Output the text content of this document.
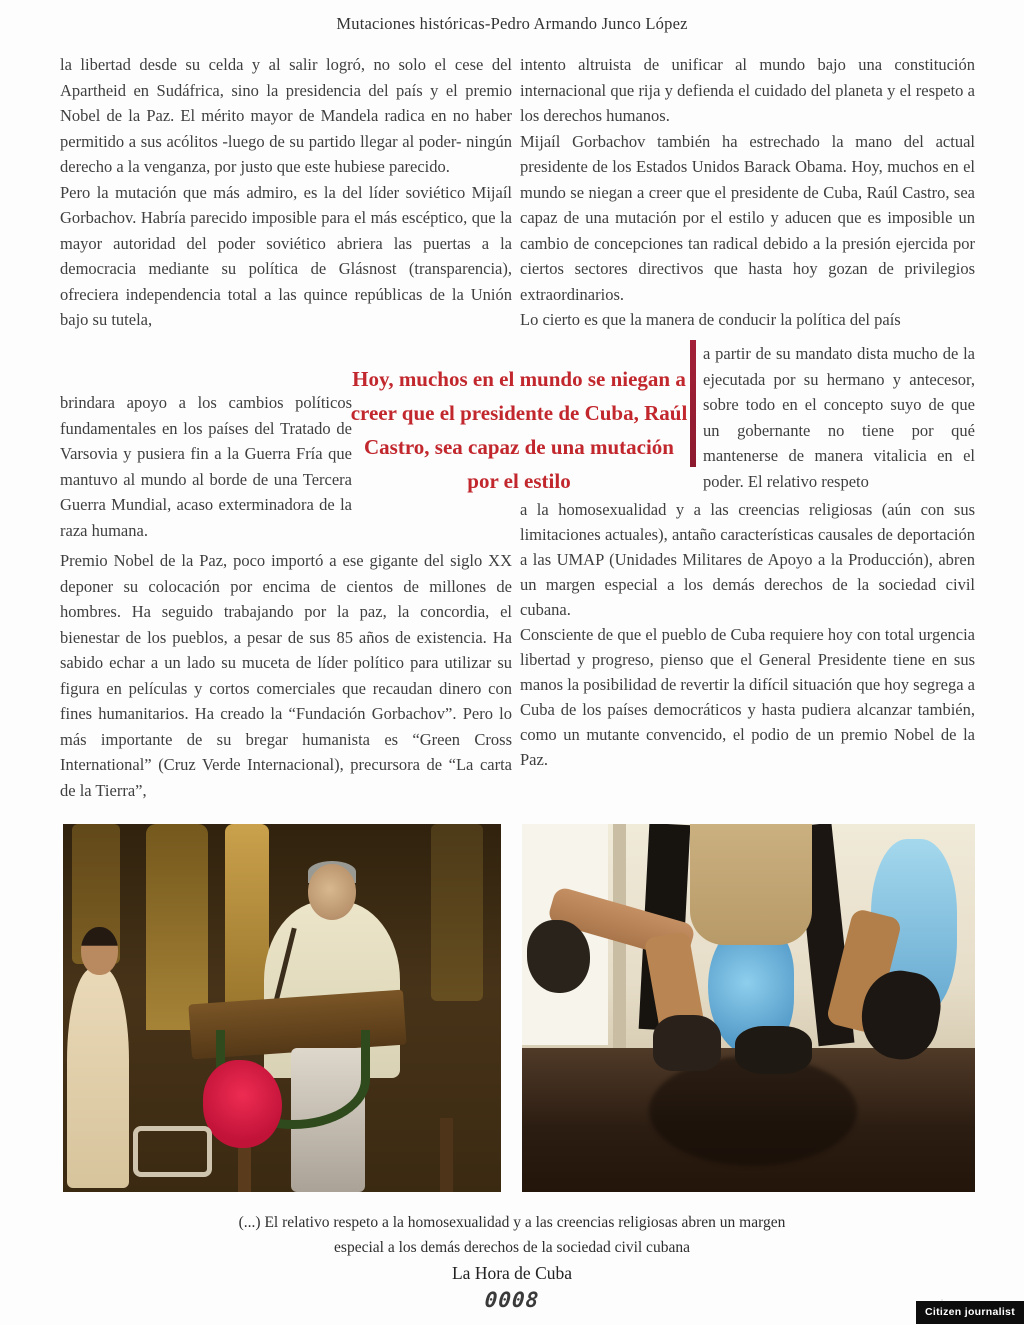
Mutaciones históricas-Pedro Armando Junco López

la libertad desde su celda y al salir logró, no solo el cese del Apartheid en Sudáfrica, sino la presidencia del país y el premio Nobel de la Paz. El mérito mayor de Mandela radica en no haber permitido a sus acólitos -luego de su partido llegar al poder- ningún derecho a la venganza, por justo que este hubiese parecido.

Pero la mutación que más admiro, es la del líder soviético Mijaíl Gorbachov. Habría parecido imposible para el más escéptico, que la mayor autoridad del poder soviético abriera las puertas a la democracia mediante su política de Glásnost (transparencia), ofreciera independencia total a las quince repúblicas de la Unión bajo su tutela,

brindara apoyo a los cambios políticos fundamentales en los países del Tratado de Varsovia y pusiera fin a la Guerra Fría que mantuvo al mundo al borde de una Tercera Guerra Mundial, acaso exterminadora de la raza humana.

Premio Nobel de la Paz, poco importó a ese gigante del siglo XX deponer su colocación por encima de cientos de millones de hombres. Ha seguido trabajando por la paz, la concordia, el bienestar de los pueblos, a pesar de sus 85 años de existencia. Ha sabido echar a un lado su muceta de líder político para utilizar su figura en películas y cortos comerciales que recaudan dinero con fines humanitarios. Ha creado la “Fundación Gorbachov”. Pero lo más importante de su bregar humanista es “Green Cross International” (Cruz Verde Internacional), precursora de “La carta de la Tierra”,

Hoy, muchos en el mundo se niegan a creer que el presidente de Cuba, Raúl Castro, sea capaz de una mutación por el estilo

intento altruista de unificar al mundo bajo una constitución internacional que rija y defienda el cuidado del planeta y el respeto a los derechos humanos.

Mijaíl Gorbachov también ha estrechado la mano del actual presidente de los Estados Unidos Barack Obama. Hoy, muchos en el mundo se niegan a creer que el presidente de Cuba, Raúl Castro, sea capaz de una mutación por el estilo y aducen que es imposible un cambio de concepciones tan radical debido a la presión ejercida por ciertos sectores directivos que hasta hoy gozan de privilegios extraordinarios.

Lo cierto es que la manera de conducir la política del país

a partir de su mandato dista mucho de la ejecutada por su hermano y antecesor, sobre todo en el concepto suyo de que un gobernante no tiene por qué mantenerse de manera vitalicia en el poder. El relativo respeto

a la homosexualidad y a las creencias religiosas (aún con sus limitaciones actuales), antaño características causales de deportación a las UMAP (Unidades Militares de Apoyo a la Producción), abren un margen especial a los demás derechos de la sociedad civil cubana.

Consciente de que el pueblo de Cuba requiere hoy con total urgencia libertad y progreso, pienso que el General Presidente tiene en sus manos la posibilidad de revertir la difícil situación que hoy segrega a Cuba de los países democráticos y hasta pudiera alcanzar también, como un mutante convencido, el podio de un premio Nobel de la Paz.

(...) El relativo respeto a la homosexualidad y a las creencias religiosas abren un margen especial a los demás derechos de la sociedad civil cubana
La Hora de Cuba
0008	Citizen journalist
